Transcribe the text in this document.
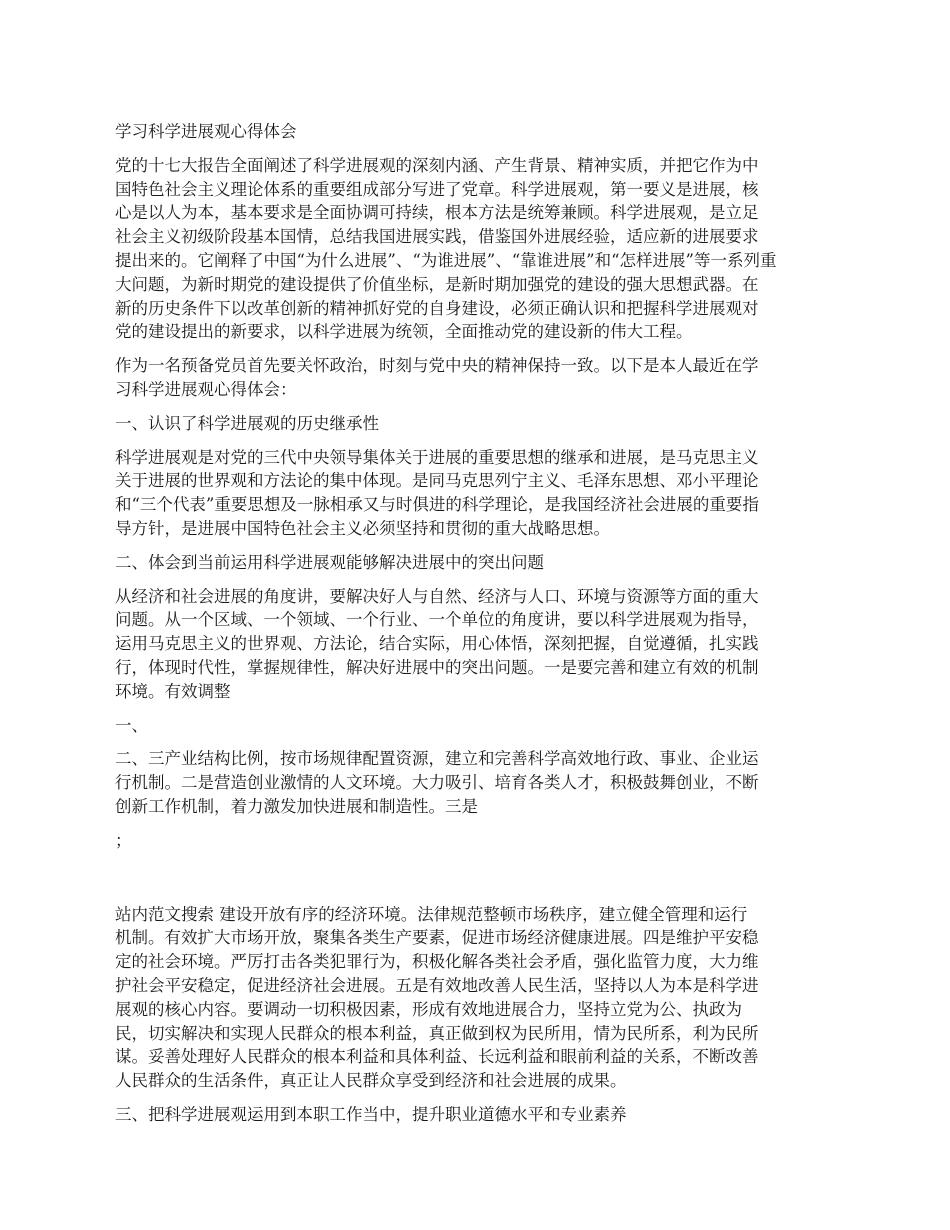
学习科学进展观心得体会

党的十七大报告全面阐述了科学进展观的深刻内涵、产生背景、精神实质，并把它作为中

国特色社会主义理论体系的重要组成部分写进了党章。科学进展观，第一要义是进展，核

心是以人为本，基本要求是全面协调可持续，根本方法是统筹兼顾。科学进展观，是立足

社会主义初级阶段基本国情，总结我国进展实践，借鉴国外进展经验，适应新的进展要求

提出来的。它阐释了中国“为什么进展”、“为谁进展”、“靠谁进展”和“怎样进展”等一系列重

大问题，为新时期党的建设提供了价值坐标，是新时期加强党的建设的强大思想武器。在

新的历史条件下以改革创新的精神抓好党的自身建设，必须正确认识和把握科学进展观对

党的建设提出的新要求，以科学进展为统领，全面推动党的建设新的伟大工程。

作为一名预备党员首先要关怀政治，时刻与党中央的精神保持一致。以下是本人最近在学

习科学进展观心得体会：

一、认识了科学进展观的历史继承性

科学进展观是对党的三代中央领导集体关于进展的重要思想的继承和进展，是马克思主义

关于进展的世界观和方法论的集中体现。是同马克思列宁主义、毛泽东思想、邓小平理论

和“三个代表”重要思想及一脉相承又与时俱进的科学理论，是我国经济社会进展的重要指

导方针，是进展中国特色社会主义必须坚持和贯彻的重大战略思想。

二、体会到当前运用科学进展观能够解决进展中的突出问题

从经济和社会进展的角度讲，要解决好人与自然、经济与人口、环境与资源等方面的重大

问题。从一个区域、一个领域、一个行业、一个单位的角度讲，要以科学进展观为指导，

运用马克思主义的世界观、方法论，结合实际，用心体悟，深刻把握，自觉遵循，扎实践

行，体现时代性，掌握规律性，解决好进展中的突出问题。一是要完善和建立有效的机制

环境。有效调整

一、

二、三产业结构比例，按市场规律配置资源，建立和完善科学高效地行政、事业、企业运

行机制。二是营造创业激情的人文环境。大力吸引、培育各类人才，积极鼓舞创业，不断

创新工作机制，着力激发加快进展和制造性。三是

；

站内范文搜索 建设开放有序的经济环境。法律规范整顿市场秩序，建立健全管理和运行

机制。有效扩大市场开放，聚集各类生产要素，促进市场经济健康进展。四是维护平安稳

定的社会环境。严厉打击各类犯罪行为，积极化解各类社会矛盾，强化监管力度，大力维

护社会平安稳定，促进经济社会进展。五是有效地改善人民生活，坚持以人为本是科学进

展观的核心内容。要调动一切积极因素，形成有效地进展合力，坚持立党为公、执政为

民，切实解决和实现人民群众的根本利益，真正做到权为民所用，情为民所系，利为民所

谋。妥善处理好人民群众的根本利益和具体利益、长远利益和眼前利益的关系，不断改善

人民群众的生活条件，真正让人民群众享受到经济和社会进展的成果。

三、把科学进展观运用到本职工作当中，提升职业道德水平和专业素养
